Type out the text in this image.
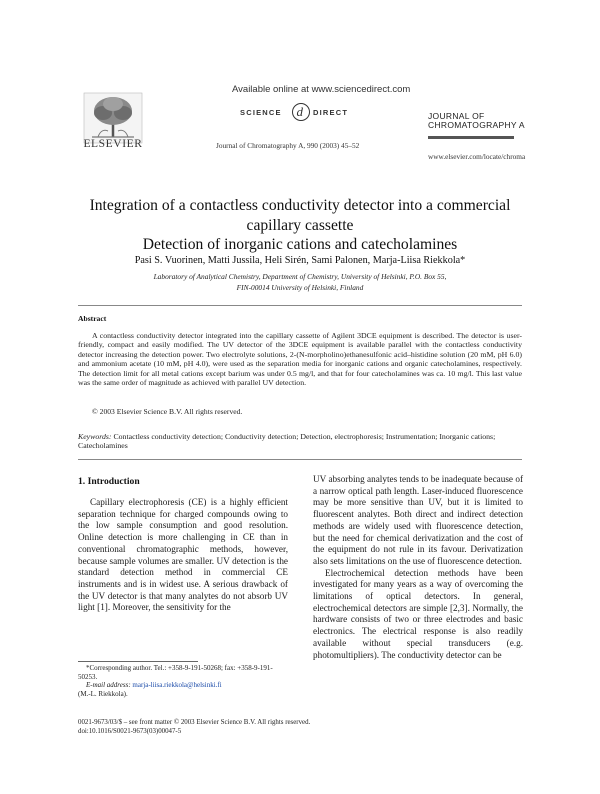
ELSEVIER
Available online at www.sciencedirect.com
SCIENCE d DIRECT
Journal of Chromatography A, 990 (2003) 45–52
JOURNAL OF
CHROMATOGRAPHY A
www.elsevier.com/locate/chroma
Integration of a contactless conductivity detector into a commercial
capillary cassette
Detection of inorganic cations and catecholamines
Pasi S. Vuorinen, Matti Jussila, Heli Sirén, Sami Palonen, Marja-Liisa Riekkola*
Laboratory of Analytical Chemistry, Department of Chemistry, University of Helsinki, P.O. Box 55,
FIN-00014 University of Helsinki, Finland
Abstract

A contactless conductivity detector integrated into the capillary cassette of Agilent 3DCE equipment is described. The detector is user-friendly, compact and easily modified. The UV detector of the 3DCE equipment is available parallel with the contactless conductivity detector increasing the detection power. Two electrolyte solutions, 2-(N-morpholino)ethanesulfonic acid–histidine solution (20 mM, pH 6.0) and ammonium acetate (10 mM, pH 4.0), were used as the separation media for inorganic cations and organic catecholamines, respectively. The detection limit for all metal cations except barium was under 0.5 mg/l, and that for four catecholamines was ca. 10 mg/l. This last value was the same order of magnitude as achieved with parallel UV detection.

© 2003 Elsevier Science B.V. All rights reserved.
Keywords: Contactless conductivity detection; Conductivity detection; Detection, electrophoresis; Instrumentation; Inorganic cations; Catecholamines
1. Introduction

Capillary electrophoresis (CE) is a highly efficient separation technique for charged compounds owing to the low sample consumption and good resolution. Online detection is more challenging in CE than in conventional chromatographic methods, however, because sample volumes are smaller. UV detection is the standard detection method in commercial CE instruments and is in widest use. A serious drawback of the UV detector is that many analytes do not absorb UV light [1]. Moreover, the sensitivity for the

UV absorbing analytes tends to be inadequate because of a narrow optical path length. Laser-induced fluorescence may be more sensitive than UV, but it is limited to fluorescent analytes. Both direct and indirect detection methods are widely used with fluorescence detection, but the need for chemical derivatization and the cost of the equipment do not rule in its favour. Derivatization also sets limitations on the use of fluorescence detection.

Electrochemical detection methods have been investigated for many years as a way of overcoming the limitations of optical detectors. In general, electrochemical detectors are simple [2,3]. Normally, the hardware consists of two or three electrodes and basic electronics. The electrical response is also readily available without special transducers (e.g. photomultipliers). The conductivity detector can be

*Corresponding author. Tel.: +358-9-191-50268; fax: +358-9-191-50253.
E-mail address: marja-liisa.riekkola@helsinki.fi
(M.-L. Riekkola).
0021-9673/03/$ – see front matter © 2003 Elsevier Science B.V. All rights reserved.
doi:10.1016/S0021-9673(03)00047-5
